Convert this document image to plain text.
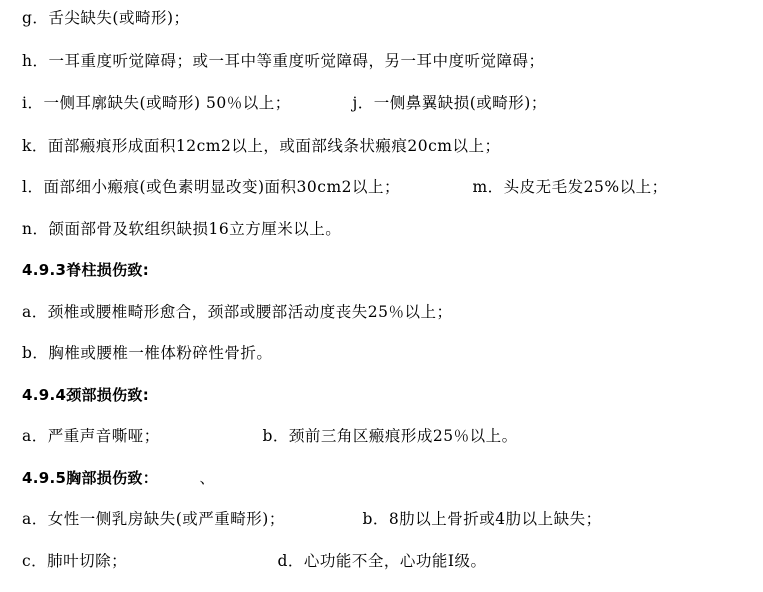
g．舌尖缺失(或畸形)；
h．一耳重度听觉障碍；或一耳中等重度听觉障碍，另一耳中度听觉障碍；
i．一侧耳廓缺失(或畸形) 50％以上；	j．一侧鼻翼缺损(或畸形)；
k．面部瘢痕形成面积12cm2以上，或面部线条状瘢痕20cm以上；
l．面部细小瘢痕(或色素明显改变)面积30cm2以上；	m．头皮无毛发25%以上；
n．颌面部骨及软组织缺损16立方厘米以上。
4.9.3脊柱损伤致:
a．颈椎或腰椎畸形愈合，颈部或腰部活动度丧失25％以上；
b．胸椎或腰椎一椎体粉碎性骨折。
4.9.4颈部损伤致:
a．严重声音嘶哑；	b．颈前三角区瘢痕形成25％以上。
4.9.5胸部损伤致：	、
a．女性一侧乳房缺失(或严重畸形)；	b．8肋以上骨折或4肋以上缺失；
c．肺叶切除；	d．心功能不全，心功能Ⅰ级。
